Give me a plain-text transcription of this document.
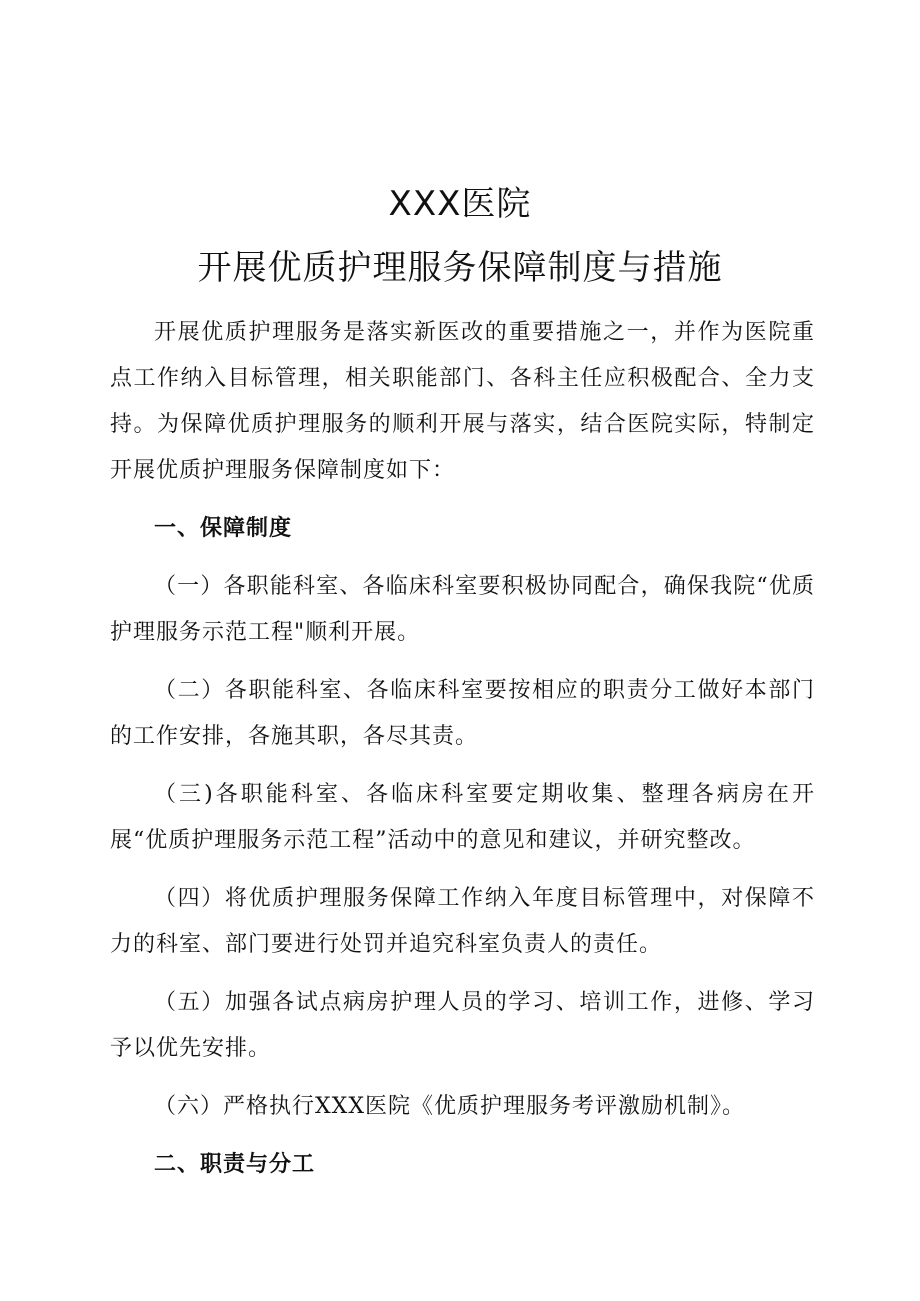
XXX医院
开展优质护理服务保障制度与措施

开展优质护理服务是落实新医改的重要措施之一，并作为医院重点工作纳入目标管理，相关职能部门、各科主任应积极配合、全力支持。为保障优质护理服务的顺利开展与落实，结合医院实际，特制定开展优质护理服务保障制度如下：

一、保障制度

（一）各职能科室、各临床科室要积极协同配合，确保我院“优质护理服务示范工程"顺利开展。

（二）各职能科室、各临床科室要按相应的职责分工做好本部门的工作安排，各施其职，各尽其责。

（三)各职能科室、各临床科室要定期收集、整理各病房在开展“优质护理服务示范工程”活动中的意见和建议，并研究整改。

（四）将优质护理服务保障工作纳入年度目标管理中，对保障不力的科室、部门要进行处罚并追究科室负责人的责任。

（五）加强各试点病房护理人员的学习、培训工作，进修、学习予以优先安排。

（六）严格执行XXX医院《优质护理服务考评激励机制》。

二、职责与分工
